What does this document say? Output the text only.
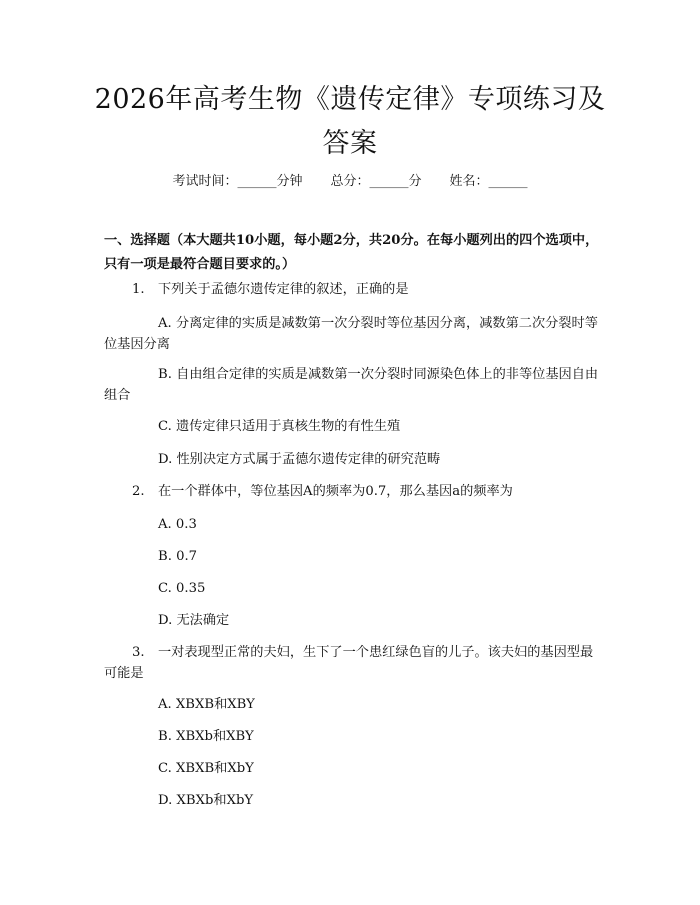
2026年高考生物《遗传定律》专项练习及答案
考试时间：______分钟 总分：______分 姓名：______
一、选择题（本大题共10小题，每小题2分，共20分。在每小题列出的四个选项中，只有一项是最符合题目要求的。）
1. 下列关于孟德尔遗传定律的叙述，正确的是
A. 分离定律的实质是减数第一次分裂时等位基因分离，减数第二次分裂时等位基因分离
B. 自由组合定律的实质是减数第一次分裂时同源染色体上的非等位基因自由组合
C. 遗传定律只适用于真核生物的有性生殖
D. 性别决定方式属于孟德尔遗传定律的研究范畴
2. 在一个群体中，等位基因A的频率为0.7，那么基因a的频率为
A. 0.3
B. 0.7
C. 0.35
D. 无法确定
3. 一对表现型正常的夫妇，生下了一个患红绿色盲的儿子。该夫妇的基因型最可能是
A. XBXB和XBY
B. XBXb和XBY
C. XBXB和XbY
D. XBXb和XbY
